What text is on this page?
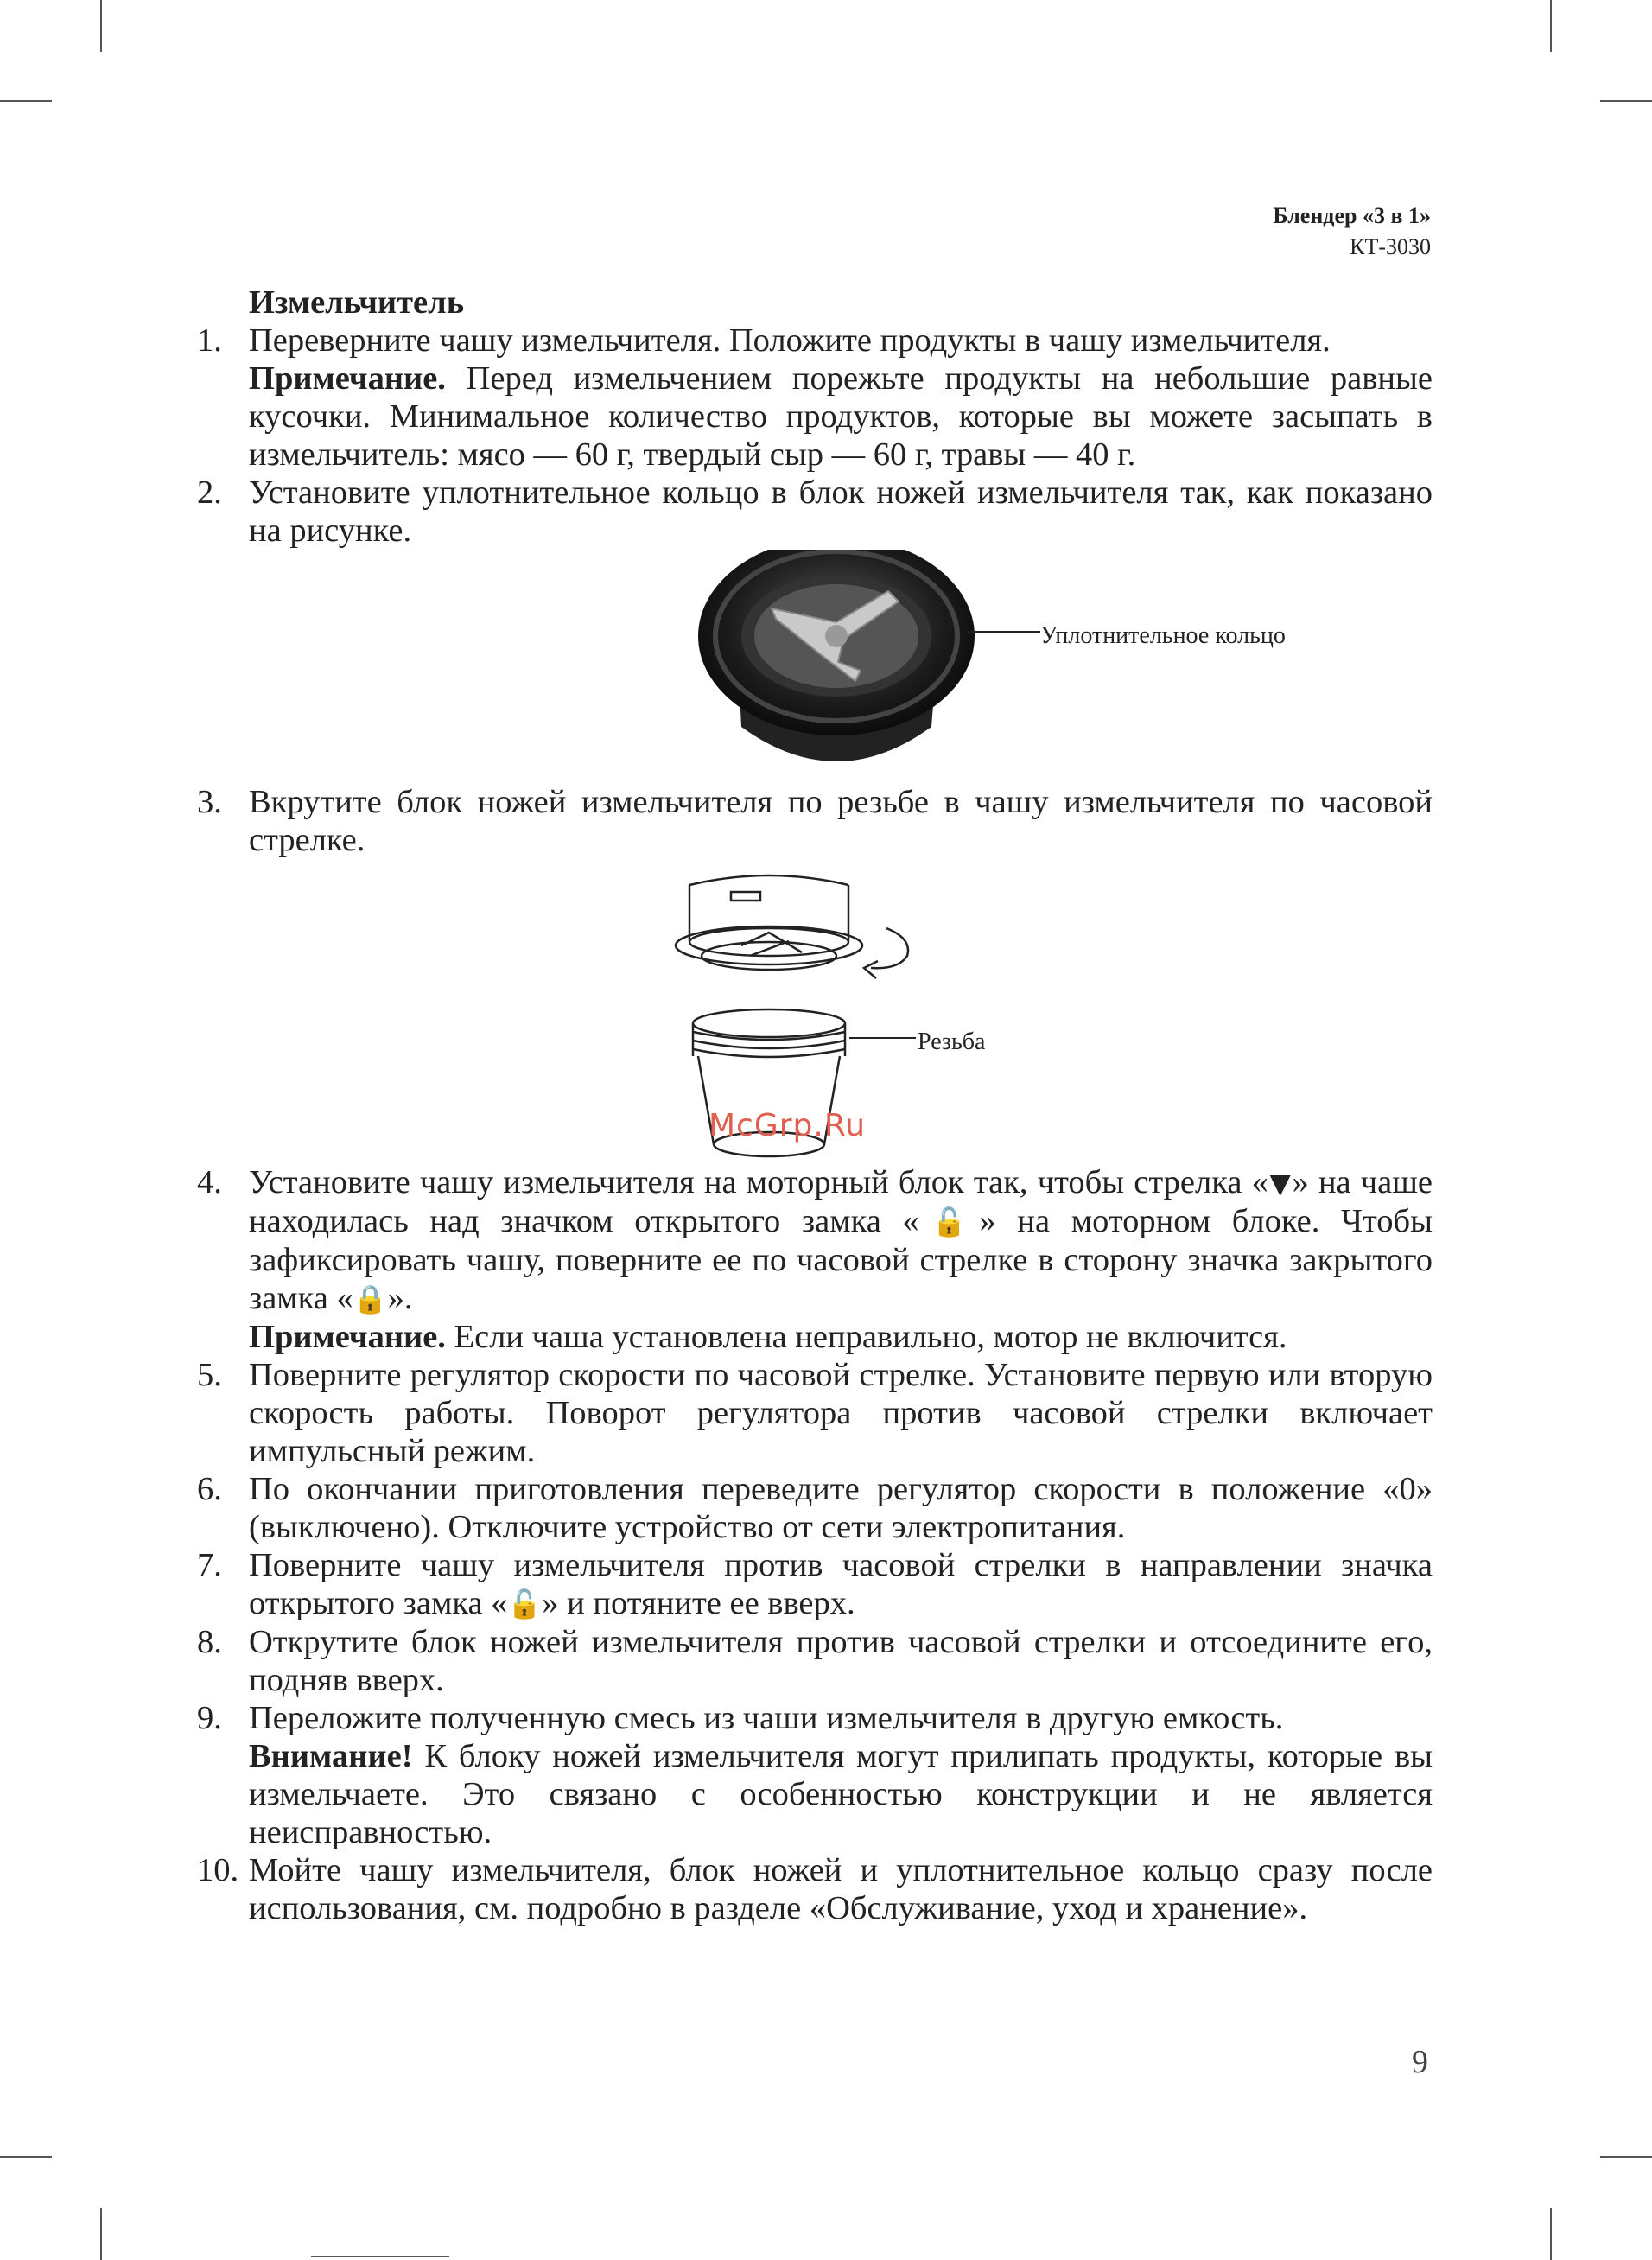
Блендер «3 в 1»
КТ-3030
Измельчитель
1. Переверните чашу измельчителя. Положите продукты в чашу измельчителя.
Примечание. Перед измельчением порежьте продукты на небольшие равные кусочки. Минимальное количество продуктов, которые вы можете засыпать в измельчитель: мясо — 60 г, твердый сыр — 60 г, травы — 40 г.
2. Установите уплотнительное кольцо в блок ножей измельчителя так, как показано на рисунке.
Уплотнительное кольцо
3. Вкрутите блок ножей измельчителя по резьбе в чашу измельчителя по часовой стрелке.
Резьба
4. Установите чашу измельчителя на моторный блок так, чтобы стрелка «▼» на чаше находилась над значком открытого замка «🔓» на моторном блоке. Чтобы зафиксировать чашу, поверните ее по часовой стрелке в сторону значка закрытого замка «🔒».
Примечание. Если чаша установлена неправильно, мотор не включится.
5. Поверните регулятор скорости по часовой стрелке. Установите первую или вторую скорость работы. Поворот регулятора против часовой стрелки включает импульсный режим.
6. По окончании приготовления переведите регулятор скорости в положение «0» (выключено). Отключите устройство от сети электропитания.
7. Поверните чашу измельчителя против часовой стрелки в направлении значка открытого замка «🔓» и потяните ее вверх.
8. Открутите блок ножей измельчителя против часовой стрелки и отсоедините его, подняв вверх.
9. Переложите полученную смесь из чаши измельчителя в другую емкость.
Внимание! К блоку ножей измельчителя могут прилипать продукты, которые вы измельчаете. Это связано с особенностью конструкции и не является неисправностью.
10. Мойте чашу измельчителя, блок ножей и уплотнительное кольцо сразу после использования, см. подробно в разделе «Обслуживание, уход и хранение».
McGrp.Ru
9
